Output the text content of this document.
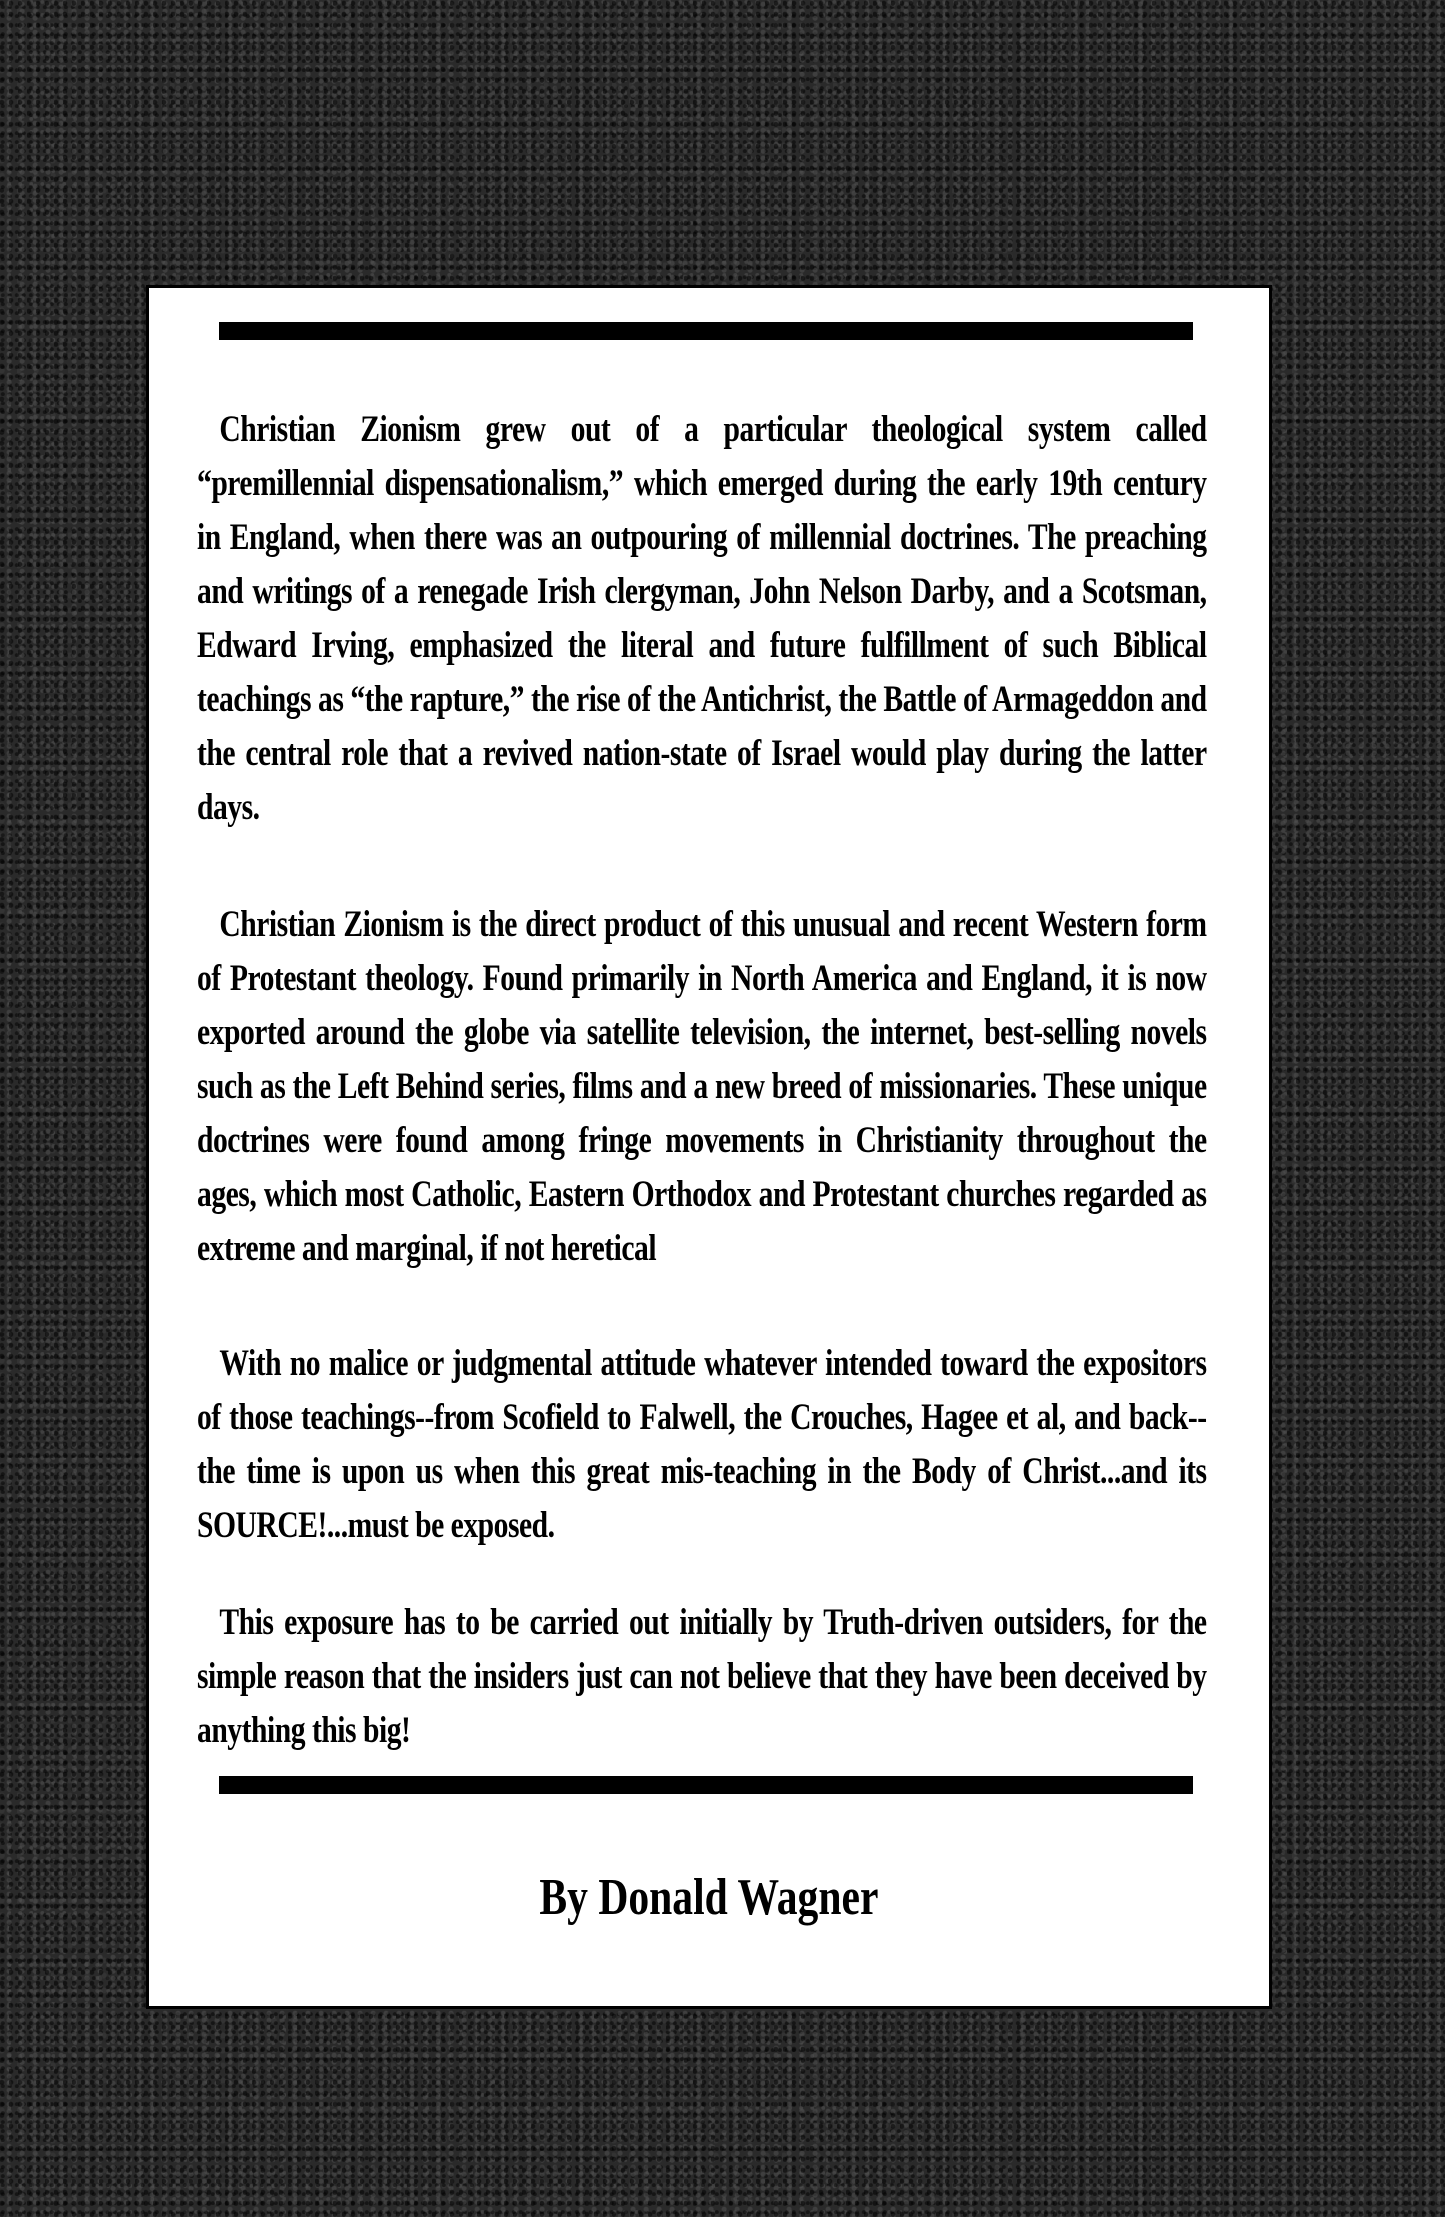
Christian Zionism grew out of a particular theological system called “premillennial dispensationalism,” which emerged during the early 19th century in England, when there was an outpouring of millennial doctrines. The preaching and writings of a renegade Irish clergyman, John Nelson Darby, and a Scotsman, Edward Irving, emphasized the literal and future fulfillment of such Biblical teachings as “the rapture,” the rise of the Antichrist, the Battle of Armageddon and the central role that a revived nation-state of Israel would play during the latter days.

Christian Zionism is the direct product of this unusual and recent Western form of Protestant theology. Found primarily in North America and England, it is now exported around the globe via satellite television, the internet, best-selling novels such as the Left Behind series, films and a new breed of missionaries. These unique doctrines were found among fringe movements in Christianity throughout the ages, which most Catholic, Eastern Orthodox and Protestant churches regarded as extreme and marginal, if not heretical

With no malice or judgmental attitude whatever intended toward the expositors of those teachings--from Scofield to Falwell, the Crouches, Hagee et al, and back--the time is upon us when this great mis-teaching in the Body of Christ...and its SOURCE!...must be exposed.

This exposure has to be carried out initially by Truth-driven outsiders, for the simple reason that the insiders just can not believe that they have been deceived by anything this big!

By Donald Wagner
